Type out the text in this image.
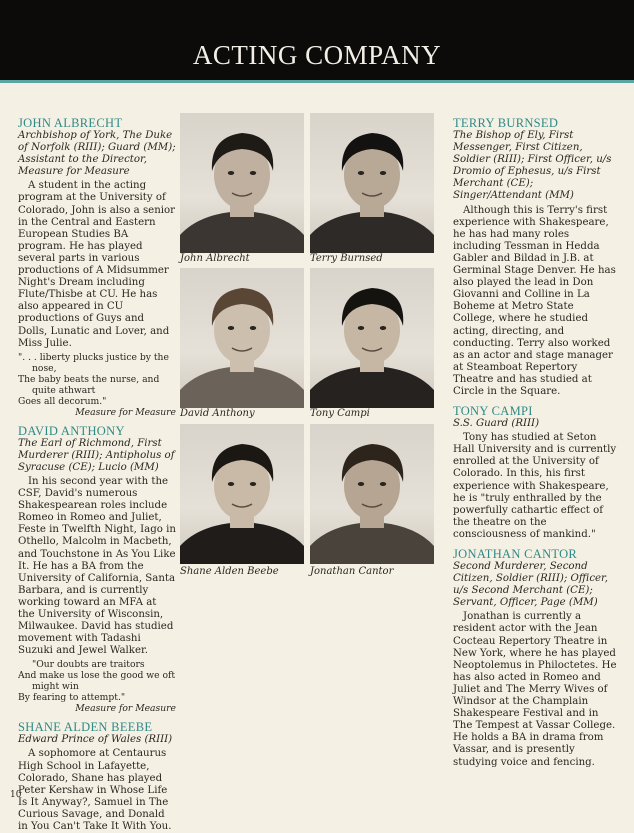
ACTING COMPANY
JOHN ALBRECHT
Archbishop of York, The Duke of Norfolk (RIII); Guard (MM); Assistant to the Director, Measure for Measure
A student in the acting program at the University of Colorado, John is also a senior in the Central and Eastern European Studies BA program. He has played several parts in various productions of A Midsummer Night's Dream including Flute/Thisbe at CU. He has also appeared in CU productions of Guys and Dolls, Lunatic and Lover, and Miss Julie.
". . . liberty plucks justice by the
nose,
The baby beats the nurse, and
quite athwart
Goes all decorum."
Measure for Measure
DAVID ANTHONY
The Earl of Richmond, First Murderer (RIII); Antipholus of Syracuse (CE); Lucio (MM)
In his second year with the CSF, David's numerous Shakespearean roles include Romeo in Romeo and Juliet, Feste in Twelfth Night, Iago in Othello, Malcolm in Macbeth, and Touchstone in As You Like It. He has a BA from the University of California, Santa Barbara, and is currently working toward an MFA at the University of Wisconsin, Milwaukee. David has studied movement with Tadashi Suzuki and Jewel Walker.
"Our doubts are traitors
And make us lose the good we oft
might win
By fearing to attempt."
Measure for Measure
SHANE ALDEN BEEBE
Edward Prince of Wales (RIII)
A sophomore at Centaurus High School in Lafayette, Colorado, Shane has played Peter Kershaw in Whose Life Is It Anyway?, Samuel in The Curious Savage, and Donald in You Can't Take It With You.
John Albrecht	Terry Burnsed
David Anthony	Tony Campi
Shane Alden Beebe	Jonathan Cantor
TERRY BURNSED
The Bishop of Ely, First Messenger, First Citizen, Soldier (RIII); First Officer, u/s Dromio of Ephesus, u/s First Merchant (CE); Singer/Attendant (MM)
Although this is Terry's first experience with Shakespeare, he has had many roles including Tessman in Hedda Gabler and Bildad in J.B. at Germinal Stage Denver. He has also played the lead in Don Giovanni and Colline in La Boheme at Metro State College, where he studied acting, directing, and conducting. Terry also worked as an actor and stage manager at Steamboat Repertory Theatre and has studied at Circle in the Square.
TONY CAMPI
S.S. Guard (RIII)
Tony has studied at Seton Hall University and is currently enrolled at the University of Colorado. In this, his first experience with Shakespeare, he is "truly enthralled by the powerfully cathartic effect of the theatre on the consciousness of mankind."
JONATHAN CANTOR
Second Murderer, Second Citizen, Soldier (RIII); Officer, u/s Second Merchant (CE); Servant, Officer, Page (MM)
Jonathan is currently a resident actor with the Jean Cocteau Repertory Theatre in New York, where he has played Neoptolemus in Philoctetes. He has also acted in Romeo and Juliet and The Merry Wives of Windsor at the Champlain Shakespeare Festival and in The Tempest at Vassar College. He holds a BA in drama from Vassar, and is presently studying voice and fencing.
10
